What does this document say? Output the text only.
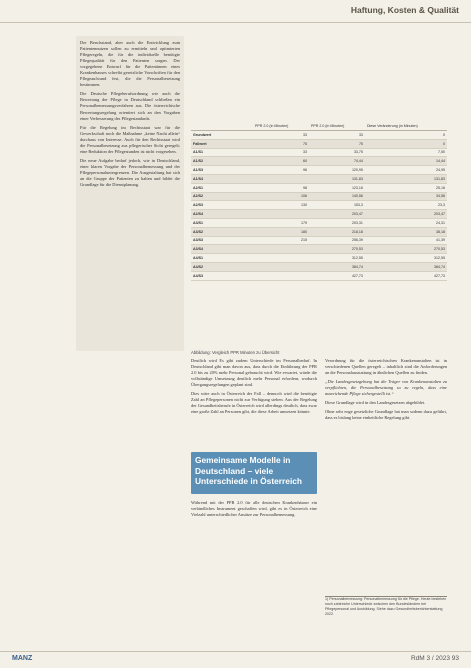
Haftung, Kosten & Qualität

Der Berufsstand, aber auch die Entwicklung zum Patientennutzen sollen zu ermitteln und optimierten Pflegeregeln, die für die individuelle benötigte Pflegequalität für den Patienten sorgen. Der vorgegebene Entwurf für die Patientinnen eines Krankenhauses schreibt gesetzliche Vorschriften für den Pflegeaufwand fest, die die Personalbesetzung bestimmen.

Die Deutsche Pflegeberufsordnung wie auch die Bewertung der Pflege in Deutschland schließen ein Personalbemessungsverfahren aus. Die österreichische Bewertungsregelung orientiert sich an den Vorgaben einer Verbesserung des Pflegestandards.

Für die Regelung im Rechtsstaat war für die Gewerkschaft noch die Maßnahme „keine Nacht allein“ durchaus von Interesse. Auch für den Rechtsstaat wird die Personalbesetzung aus pflegerischer Sicht geregelt; eine Reduktion der Pflegestunden ist nicht vorgesehen.

Die neue Aufgabe bedarf jedoch, wie in Deutschland, einer klaren Vorgabe der Personalbemessung und der Pflegepersonaluntergrenzen. Die Ausgestaltung hat sich an die Gruppe der Patienten zu halten und bildet die Grundlage für die Dienstplanung.

	PPR 2.0 (in Minuten)	PPR 2.0 (in Minuten)	Diese Veränderung (in Minuten)
Grundwert	33	33	0
Fallwert	75	75	0
A1/S1	33	33,75	7,50
A1/S2	60	74,44	14,44
A1/S3	96	120,95	24,95
A1/S4		131,83	131,83
A2/S1	98	123,16	25,16
A2/S2	106	140,56	34,56
A2/S3	130	153,3	23,3
A2/S4		203,47	203,47
A3/S1	179	203,31	24,31
A3/S2	180	218,18	38,18
A3/S3	215	256,39	41,39
A3/S4		270,53	270,53
A4/S1		312,55	312,55
A4/S2		384,74	384,74
A4/S3		427,73	427,73
Abbildung: Vergleich PPR Minuten zu Übersicht

Deutlich wird Es gibt zudem Unterschiede im Personalbedarf. In Deutschland gibt man davon aus, dass durch die Einführung der PPR 2.0 bis zu 20% mehr Personal gebraucht wird. Wie erwartet, würde die vollständige Umsetzung deutlich mehr Personal erfordern, wodurch Übergangsregelungen geplant sind.

Dies wäre auch in Österreich der Fall – dennoch wird die benötigte Zahl an Pflegepersonen nicht zur Verfügung stehen. Aus der Regelung der Gesundheitsberufe in Österreich wird allerdings deutlich, dass zwar eine große Zahl an Personen gibt, die diese Arbeit umsetzen könnte.

Gemeinsame Modelle in Deutschland – viele Unterschiede in Österreich

Während mit der PPR 2.0 für alle deutschen Krankenhäuser ein verbindliches Instrument geschaffen wird, gibt es in Österreich eine Vielzahl unterschiedlicher Ansätze zur Personalbemessung.

Verordnung für die österreichischen Krankenanstalten ist in verschiedenen Quellen geregelt – inhaltlich sind die Anforderungen an die Personalausstattung in ähnlichen Quellen zu finden.

„Die Landesgesetzgebung hat die Träger von Krankenanstalten zu verpflichten, die Personalbesetzung so zu regeln, dass eine ausreichende Pflege sichergestellt ist.“

Diese Grundlage wird in den Landesgesetzen abgebildet.

Ohne sehr enge gesetzliche Grundlage hat man sodenn dazu geführt, dass es bislang keine einheitliche Regelung gibt.

1) Personalbemessung: Personalbemessung für die Pflege. Heute bestehen noch zahlreiche Unterschiede zwischen den Bundesländern bei Pflegepersonal und Ausbildung. Siehe dazu Gesundheitsberichterstattung 2022.
MANZ	RdM 3 / 2023 93
